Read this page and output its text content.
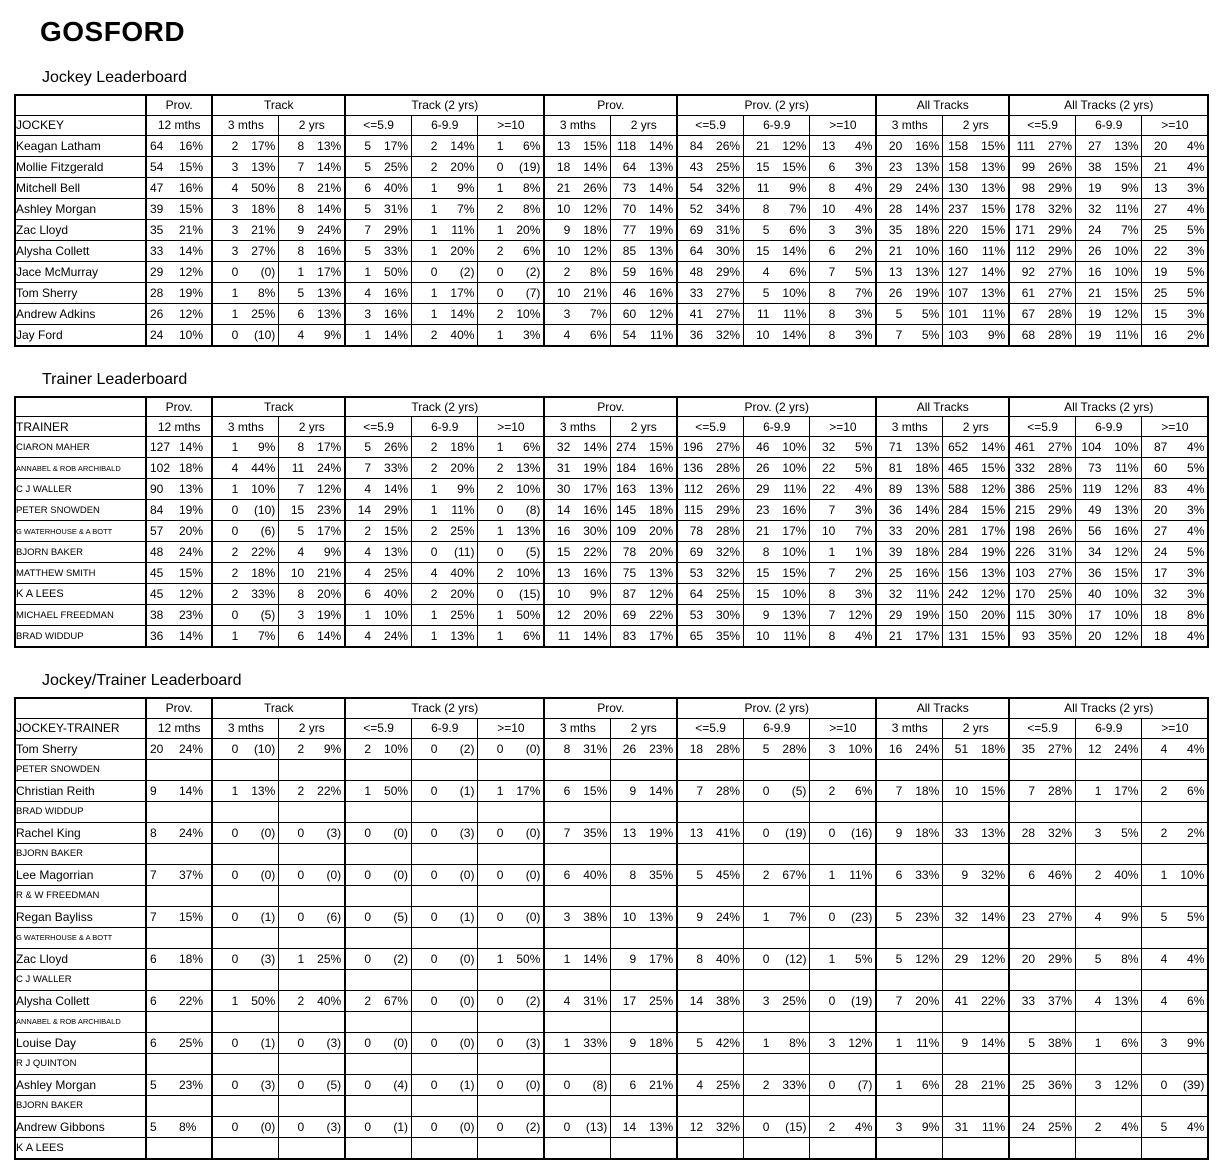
GOSFORD
Jockey Leaderboard
	Prov.	Track		Track (2 yrs)			Prov.		Prov. (2 yrs)			All Tracks		All Tracks (2 yrs)		
JOCKEY	12 mths	3 mths	2 yrs	<=5.9	6-9.9	>=10	3 mths	2 yrs	<=5.9	6-9.9	>=10	3 mths	2 yrs	<=5.9	6-9.9	>=10
Keagan Latham	64 16%	2 17%	8 13%	5 17%	2 14%	1 6%	13 15%	118 14%	84 26%	21 12%	13 4%	20 16%	158 15%	111 27%	27 13%	20 4%

Mollie Fitzgerald	54 15%	3 13%	7 14%	5 25%	2 20%	0 (19)	18 14%	64 13%	43 25%	15 15%	6 3%	23 13%	158 13%	99 26%	38 15%	21 4%

Mitchell Bell	47 16%	4 50%	8 21%	6 40%	1 9%	1 8%	21 26%	73 14%	54 32%	11 9%	8 4%	29 24%	130 13%	98 29%	19 9%	13 3%

Ashley Morgan	39 15%	3 18%	8 14%	5 31%	1 7%	2 8%	10 12%	70 14%	52 34%	8 7%	10 4%	28 14%	237 15%	178 32%	32 11%	27 4%

Zac Lloyd	35 21%	3 21%	9 24%	7 29%	1 11%	1 20%	9 18%	77 19%	69 31%	5 6%	3 3%	35 18%	220 15%	171 29%	24 7%	25 5%

Alysha Collett	33 14%	3 27%	8 16%	5 33%	1 20%	2 6%	10 12%	85 13%	64 30%	15 14%	6 2%	21 10%	160 11%	112 29%	26 10%	22 3%

Jace McMurray	29 12%	0 (0)	1 17%	1 50%	0 (2)	0 (2)	2 8%	59 16%	48 29%	4 6%	7 5%	13 13%	127 14%	92 27%	16 10%	19 5%

Tom Sherry	28 19%	1 8%	5 13%	4 16%	1 17%	0 (7)	10 21%	46 16%	33 27%	5 10%	8 7%	26 19%	107 13%	61 27%	21 15%	25 5%

Andrew Adkins	26 12%	1 25%	6 13%	3 16%	1 14%	2 10%	3 7%	60 12%	41 27%	11 11%	8 3%	5 5%	101 11%	67 28%	19 12%	15 3%

Jay Ford	24 10%	0 (10)	4 9%	1 14%	2 40%	1 3%	4 6%	54 11%	36 32%	10 14%	8 3%	7 5%	103 9%	68 28%	19 11%	16 2%
Trainer Leaderboard
	Prov.	Track		Track (2 yrs)			Prov.		Prov. (2 yrs)			All Tracks		All Tracks (2 yrs)		
TRAINER	12 mths	3 mths	2 yrs	<=5.9	6-9.9	>=10	3 mths	2 yrs	<=5.9	6-9.9	>=10	3 mths	2 yrs	<=5.9	6-9.9	>=10
CIARON MAHER	127 14%	1 9%	8 17%	5 26%	2 18%	1 6%	32 14%	274 15%	196 27%	46 10%	32 5%	71 13%	652 14%	461 27%	104 10%	87 4%

ANNABEL & ROB ARCHIBALD	102 18%	4 44%	11 24%	7 33%	2 20%	2 13%	31 19%	184 16%	136 28%	26 10%	22 5%	81 18%	465 15%	332 28%	73 11%	60 5%

C J WALLER	90 13%	1 10%	7 12%	4 14%	1 9%	2 10%	30 17%	163 13%	112 26%	29 11%	22 4%	89 13%	588 12%	386 25%	119 12%	83 4%

PETER SNOWDEN	84 19%	0 (10)	15 23%	14 29%	1 11%	0 (8)	14 16%	145 18%	115 29%	23 16%	7 3%	36 14%	284 15%	215 29%	49 13%	20 3%

G WATERHOUSE & A BOTT	57 20%	0 (6)	5 17%	2 15%	2 25%	1 13%	16 30%	109 20%	78 28%	21 17%	10 7%	33 20%	281 17%	198 26%	56 16%	27 4%

BJORN BAKER	48 24%	2 22%	4 9%	4 13%	0 (11)	0 (5)	15 22%	78 20%	69 32%	8 10%	1 1%	39 18%	284 19%	226 31%	34 12%	24 5%

MATTHEW SMITH	45 15%	2 18%	10 21%	4 25%	4 40%	2 10%	13 16%	75 13%	53 32%	15 15%	7 2%	25 16%	156 13%	103 27%	36 15%	17 3%

K A LEES	45 12%	2 33%	8 20%	6 40%	2 20%	0 (15)	10 9%	87 12%	64 25%	15 10%	8 3%	32 11%	242 12%	170 25%	40 10%	32 3%

MICHAEL FREEDMAN	38 23%	0 (5)	3 19%	1 10%	1 25%	1 50%	12 20%	69 22%	53 30%	9 13%	7 12%	29 19%	150 20%	115 30%	17 10%	18 8%

BRAD WIDDUP	36 14%	1 7%	6 14%	4 24%	1 13%	1 6%	11 14%	83 17%	65 35%	10 11%	8 4%	21 17%	131 15%	93 35%	20 12%	18 4%
Jockey/Trainer Leaderboard
	Prov.	Track		Track (2 yrs)			Prov.		Prov. (2 yrs)			All Tracks		All Tracks (2 yrs)		
JOCKEY-TRAINER	12 mths	3 mths	2 yrs	<=5.9	6-9.9	>=10	3 mths	2 yrs	<=5.9	6-9.9	>=10	3 mths	2 yrs	<=5.9	6-9.9	>=10
Tom Sherry	20 24%	0 (10)	2 9%	2 10%	0 (2)	0 (0)	8 31%	26 23%	18 28%	5 28%	3 10%	16 24%	51 18%	35 27%	12 24%	4 4%

PETER SNOWDEN	

Christian Reith	9 14%	1 13%	2 22%	1 50%	0 (1)	1 17%	6 15%	9 14%	7 28%	0 (5)	2 6%	7 18%	10 15%	7 28%	1 17%	2 6%

BRAD WIDDUP	

Rachel King	8 24%	0 (0)	0 (3)	0 (0)	0 (3)	0 (0)	7 35%	13 19%	13 41%	0 (19)	0 (16)	9 18%	33 13%	28 32%	3 5%	2 2%

BJORN BAKER	

Lee Magorrian	7 37%	0 (0)	0 (0)	0 (0)	0 (0)	0 (0)	6 40%	8 35%	5 45%	2 67%	1 11%	6 33%	9 32%	6 46%	2 40%	1 10%

R & W FREEDMAN	

Regan Bayliss	7 15%	0 (1)	0 (6)	0 (5)	0 (1)	0 (0)	3 38%	10 13%	9 24%	1 7%	0 (23)	5 23%	32 14%	23 27%	4 9%	5 5%

G WATERHOUSE & A BOTT	

Zac Lloyd	6 18%	0 (3)	1 25%	0 (2)	0 (0)	1 50%	1 14%	9 17%	8 40%	0 (12)	1 5%	5 12%	29 12%	20 29%	5 8%	4 4%

C J WALLER	

Alysha Collett	6 22%	1 50%	2 40%	2 67%	0 (0)	0 (2)	4 31%	17 25%	14 38%	3 25%	0 (19)	7 20%	41 22%	33 37%	4 13%	4 6%

ANNABEL & ROB ARCHIBALD	

Louise Day	6 25%	0 (1)	0 (3)	0 (0)	0 (0)	0 (3)	1 33%	9 18%	5 42%	1 8%	3 12%	1 11%	9 14%	5 38%	1 6%	3 9%

R J QUINTON	

Ashley Morgan	5 23%	0 (3)	0 (5)	0 (4)	0 (1)	0 (0)	0 (8)	6 21%	4 25%	2 33%	0 (7)	1 6%	28 21%	25 36%	3 12%	0 (39)

BJORN BAKER	

Andrew Gibbons	5 8%	0 (0)	0 (3)	0 (1)	0 (0)	0 (2)	0 (13)	14 13%	12 32%	0 (15)	2 4%	3 9%	31 11%	24 25%	2 4%	5 4%

K A LEES	
